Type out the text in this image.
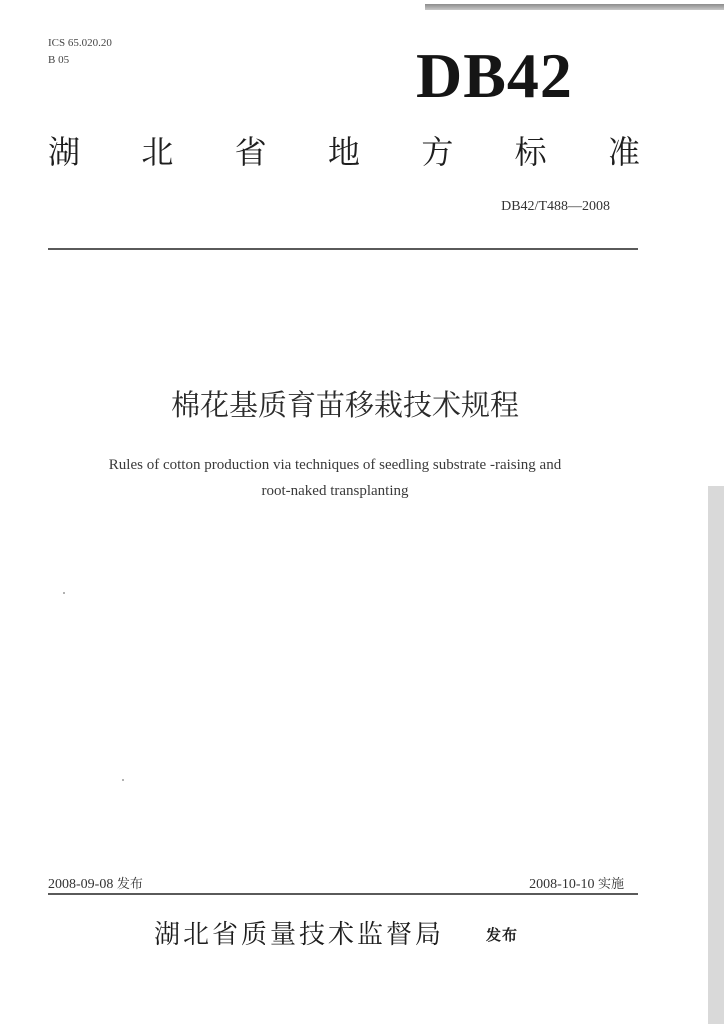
ICS 65.020.20
B 05	DB42
湖 北 省 地 方 标 准
DB42/T488—2008
棉花基质育苗移栽技术规程
Rules of cotton production via techniques of seedling substrate -raising and
root-naked transplanting
2008-09-08 发布	2008-10-10 实施
湖北省质量技术监督局	发布
